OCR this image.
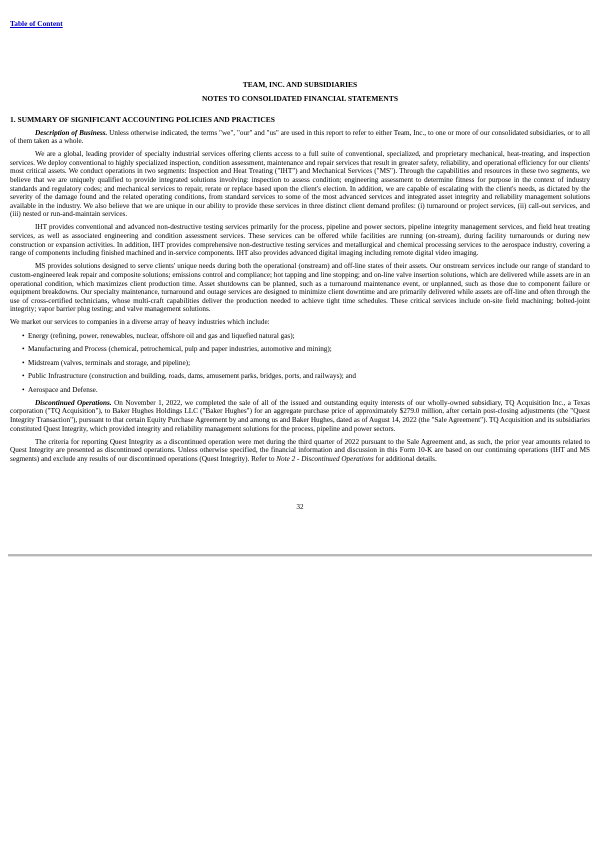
Table of Content
TEAM, INC. AND SUBSIDIARIES
NOTES TO CONSOLIDATED FINANCIAL STATEMENTS
1. SUMMARY OF SIGNIFICANT ACCOUNTING POLICIES AND PRACTICES

Description of Business. Unless otherwise indicated, the terms "we", "our" and "us" are used in this report to refer to either Team, Inc., to one or more of our consolidated subsidiaries, or to all of them taken as a whole.

We are a global, leading provider of specialty industrial services offering clients access to a full suite of conventional, specialized, and proprietary mechanical, heat-treating, and inspection services. We deploy conventional to highly specialized inspection, condition assessment, maintenance and repair services that result in greater safety, reliability, and operational efficiency for our clients' most critical assets. We conduct operations in two segments: Inspection and Heat Treating ("IHT") and Mechanical Services ("MS"). Through the capabilities and resources in these two segments, we believe that we are uniquely qualified to provide integrated solutions involving: inspection to assess condition; engineering assessment to determine fitness for purpose in the context of industry standards and regulatory codes; and mechanical services to repair, rerate or replace based upon the client's election. In addition, we are capable of escalating with the client's needs, as dictated by the severity of the damage found and the related operating conditions, from standard services to some of the most advanced services and integrated asset integrity and reliability management solutions available in the industry. We also believe that we are unique in our ability to provide these services in three distinct client demand profiles: (i) turnaround or project services, (ii) call-out services, and (iii) nested or run-and-maintain services.

IHT provides conventional and advanced non-destructive testing services primarily for the process, pipeline and power sectors, pipeline integrity management services, and field heat treating services, as well as associated engineering and condition assessment services. These services can be offered while facilities are running (on-stream), during facility turnarounds or during new construction or expansion activities. In addition, IHT provides comprehensive non-destructive testing services and metallurgical and chemical processing services to the aerospace industry, covering a range of components including finished machined and in-service components. IHT also provides advanced digital imaging including remote digital video imaging.

MS provides solutions designed to serve clients' unique needs during both the operational (onstream) and off-line states of their assets. Our onstream services include our range of standard to custom-engineered leak repair and composite solutions; emissions control and compliance; hot tapping and line stopping; and on-line valve insertion solutions, which are delivered while assets are in an operational condition, which maximizes client production time. Asset shutdowns can be planned, such as a turnaround maintenance event, or unplanned, such as those due to component failure or equipment breakdowns. Our specialty maintenance, turnaround and outage services are designed to minimize client downtime and are primarily delivered while assets are off-line and often through the use of cross-certified technicians, whose multi-craft capabilities deliver the production needed to achieve tight time schedules. These critical services include on-site field machining; bolted-joint integrity; vapor barrier plug testing; and valve management solutions.

We market our services to companies in a diverse array of heavy industries which include:

• Energy (refining, power, renewables, nuclear, offshore oil and gas and liquefied natural gas);
• Manufacturing and Process (chemical, petrochemical, pulp and paper industries, automotive and mining);
• Midstream (valves, terminals and storage, and pipeline);
• Public Infrastructure (construction and building, roads, dams, amusement parks, bridges, ports, and railways); and
• Aerospace and Defense.

Discontinued Operations. On November 1, 2022, we completed the sale of all of the issued and outstanding equity interests of our wholly-owned subsidiary, TQ Acquisition Inc., a Texas corporation ("TQ Acquisition"), to Baker Hughes Holdings LLC ("Baker Hughes") for an aggregate purchase price of approximately $279.0 million, after certain post-closing adjustments (the "Quest Integrity Transaction"), pursuant to that certain Equity Purchase Agreement by and among us and Baker Hughes, dated as of August 14, 2022 (the "Sale Agreement"). TQ Acquisition and its subsidiaries constituted Quest Integrity, which provided integrity and reliability management solutions for the process, pipeline and power sectors.

The criteria for reporting Quest Integrity as a discontinued operation were met during the third quarter of 2022 pursuant to the Sale Agreement and, as such, the prior year amounts related to Quest Integrity are presented as discontinued operations. Unless otherwise specified, the financial information and discussion in this Form 10-K are based on our continuing operations (IHT and MS segments) and exclude any results of our discontinued operations (Quest Integrity). Refer to Note 2 - Discontinued Operations for additional details.

32
